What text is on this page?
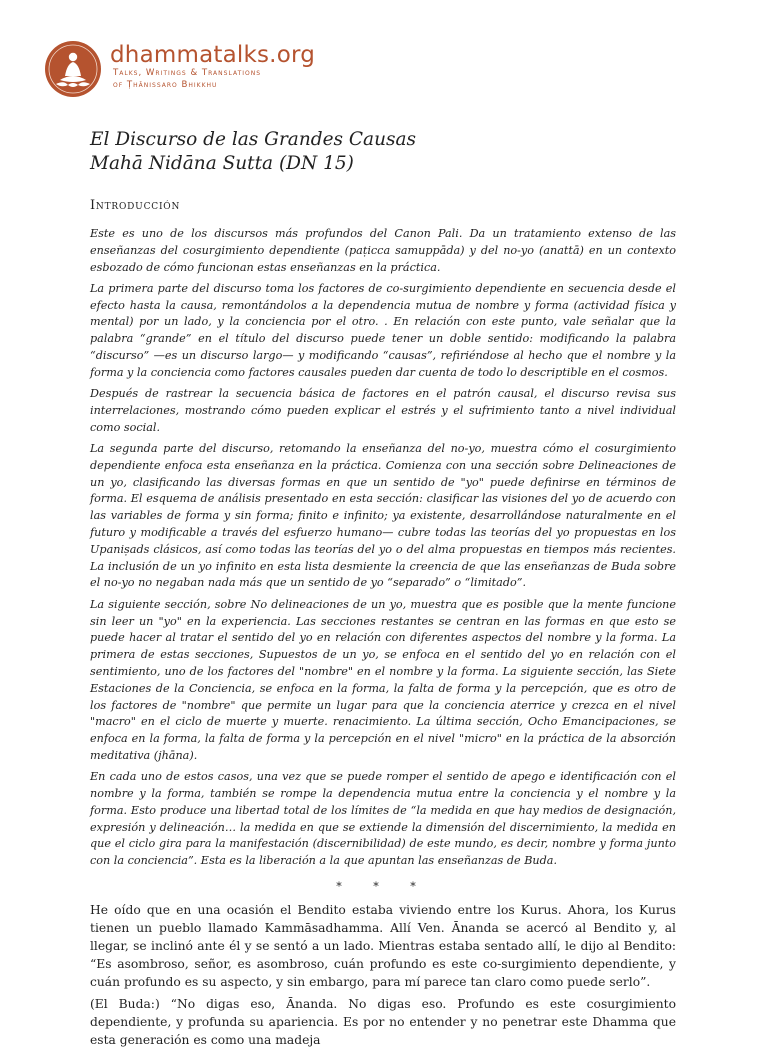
dhammatalks.org
Talks, Writings & Translations
of Ṭhānissaro Bhikkhu
El Discurso de las Grandes Causas
Mahā Nidāna Sutta (DN 15)
Introducción

Este es uno de los discursos más profundos del Canon Pali. Da un tratamiento extenso de las enseñanzas del cosurgimiento dependiente (paṭicca samuppāda) y del no-yo (anattā) en un contexto esbozado de cómo funcionan estas enseñanzas en la práctica.

La primera parte del discurso toma los factores de co-surgimiento dependiente en secuencia desde el efecto hasta la causa, remontándolos a la dependencia mutua de nombre y forma (actividad física y mental) por un lado, y la conciencia por el otro. . En relación con este punto, vale señalar que la palabra “grande” en el título del discurso puede tener un doble sentido: modificando la palabra “discurso” —es un discurso largo— y modificando “causas”, refiriéndose al hecho que el nombre y la forma y la conciencia como factores causales pueden dar cuenta de todo lo descriptible en el cosmos.

Después de rastrear la secuencia básica de factores en el patrón causal, el discurso revisa sus interrelaciones, mostrando cómo pueden explicar el estrés y el sufrimiento tanto a nivel individual como social.

La segunda parte del discurso, retomando la enseñanza del no-yo, muestra cómo el cosurgimiento dependiente enfoca esta enseñanza en la práctica. Comienza con una sección sobre Delineaciones de un yo, clasificando las diversas formas en que un sentido de "yo" puede definirse en términos de forma. El esquema de análisis presentado en esta sección: clasificar las visiones del yo de acuerdo con las variables de forma y sin forma; finito e infinito; ya existente, desarrollándose naturalmente en el futuro y modificable a través del esfuerzo humano— cubre todas las teorías del yo propuestas en los Upaniṣads clásicos, así como todas las teorías del yo o del alma propuestas en tiempos más recientes. La inclusión de un yo infinito en esta lista desmiente la creencia de que las enseñanzas de Buda sobre el no-yo no negaban nada más que un sentido de yo “separado” o “limitado”.

La siguiente sección, sobre No delineaciones de un yo, muestra que es posible que la mente funcione sin leer un "yo" en la experiencia. Las secciones restantes se centran en las formas en que esto se puede hacer al tratar el sentido del yo en relación con diferentes aspectos del nombre y la forma. La primera de estas secciones, Supuestos de un yo, se enfoca en el sentido del yo en relación con el sentimiento, uno de los factores del "nombre" en el nombre y la forma. La siguiente sección, las Siete Estaciones de la Conciencia, se enfoca en la forma, la falta de forma y la percepción, que es otro de los factores de "nombre" que permite un lugar para que la conciencia aterrice y crezca en el nivel "macro" en el ciclo de muerte y muerte. renacimiento. La última sección, Ocho Emancipaciones, se enfoca en la forma, la falta de forma y la percepción en el nivel "micro" en la práctica de la absorción meditativa (jhāna).

En cada uno de estos casos, una vez que se puede romper el sentido de apego e identificación con el nombre y la forma, también se rompe la dependencia mutua entre la conciencia y el nombre y la forma. Esto produce una libertad total de los límites de “la medida en que hay medios de designación, expresión y delineación… la medida en que se extiende la dimensión del discernimiento, la medida en que el ciclo gira para la manifestación (discernibilidad) de este mundo, es decir, nombre y forma junto con la conciencia”. Esta es la liberación a la que apuntan las enseñanzas de Buda.

* * *

He oído que en una ocasión el Bendito estaba viviendo entre los Kurus. Ahora, los Kurus tienen un pueblo llamado Kammāsadhamma. Allí Ven. Ānanda se acercó al Bendito y, al llegar, se inclinó ante él y se sentó a un lado. Mientras estaba sentado allí, le dijo al Bendito: “Es asombroso, señor, es asombroso, cuán profundo es este co-surgimiento dependiente, y cuán profundo es su aspecto, y sin embargo, para mí parece tan claro como puede serlo”.

(El Buda:) “No digas eso, Ānanda. No digas eso. Profundo es este cosurgimiento dependiente, y profunda su apariencia. Es por no entender y no penetrar este Dhamma que esta generación es como una madeja
